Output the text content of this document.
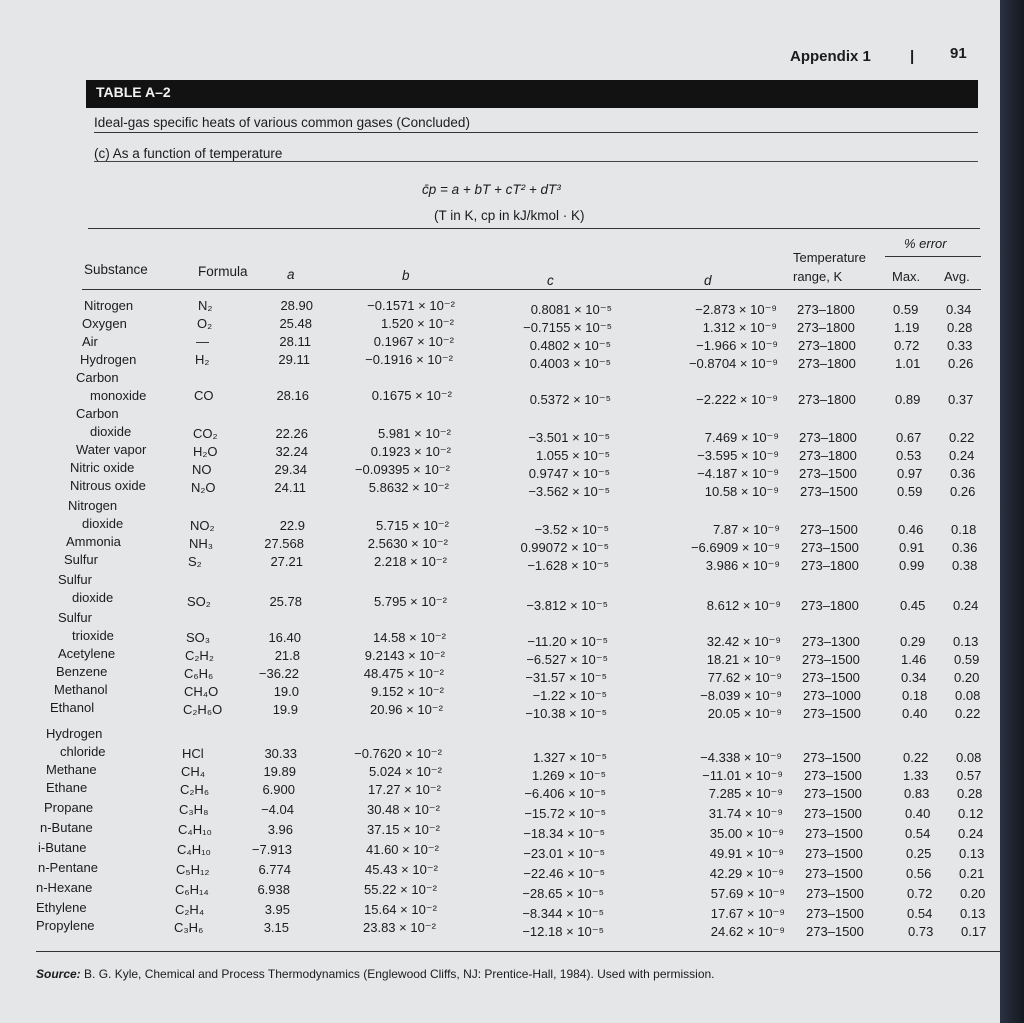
Appendix 1	| 91
TABLE A–2
Ideal-gas specific heats of various common gases (Concluded)
(c) As a function of temperature
c̄p = a + bT + cT² + dT³
(T in K, cp in kJ/kmol · K)
% error
Temperature
range, K	Max. Avg.
Substance	Formula	a	b	c	d
Nitrogen	N₂	28.90	−0.1571 × 10⁻²	0.8081 × 10⁻⁵	−2.873 × 10⁻⁹ 273–1800	0.59 0.34
Oxygen	O₂	25.48	1.520 × 10⁻²	−0.7155 × 10⁻⁵	1.312 × 10⁻⁹ 273–1800	1.19 0.28
Air	—	28.11	0.1967 × 10⁻²	0.4802 × 10⁻⁵	−1.966 × 10⁻⁹ 273–1800	0.72 0.33
Hydrogen	H₂	29.11	−0.1916 × 10⁻²	0.4003 × 10⁻⁵	−0.8704 × 10⁻⁹ 273–1800	1.01 0.26
Carbon
monoxide	CO	28.16	0.1675 × 10⁻²	0.5372 × 10⁻⁵	−2.222 × 10⁻⁹ 273–1800	0.89 0.37
Carbon
dioxide	CO₂	22.26	5.981 × 10⁻²	−3.501 × 10⁻⁵	7.469 × 10⁻⁹ 273–1800	0.67 0.22
Water vapor	H₂O	32.24	0.1923 × 10⁻²	1.055 × 10⁻⁵	−3.595 × 10⁻⁹ 273–1800	0.53 0.24
Nitric oxide	NO	29.34	−0.09395 × 10⁻²	0.9747 × 10⁻⁵	−4.187 × 10⁻⁹ 273–1500	0.97 0.36
Nitrous oxide	N₂O	24.11	5.8632 × 10⁻²	−3.562 × 10⁻⁵	10.58 × 10⁻⁹ 273–1500	0.59 0.26
Nitrogen
dioxide	NO₂	22.9	5.715 × 10⁻²	−3.52 × 10⁻⁵	7.87 × 10⁻⁹ 273–1500	0.46 0.18
Ammonia	NH₃	27.568	2.5630 × 10⁻²	0.99072 × 10⁻⁵	−6.6909 × 10⁻⁹ 273–1500	0.91 0.36
Sulfur	S₂	27.21	2.218 × 10⁻²	−1.628 × 10⁻⁵	3.986 × 10⁻⁹ 273–1800	0.99 0.38
Sulfur
dioxide	SO₂	25.78	5.795 × 10⁻²	−3.812 × 10⁻⁵	8.612 × 10⁻⁹ 273–1800	0.45 0.24
Sulfur
trioxide	SO₃	16.40	14.58 × 10⁻²	−11.20 × 10⁻⁵	32.42 × 10⁻⁹ 273–1300	0.29 0.13
Acetylene	C₂H₂	21.8	9.2143 × 10⁻²	−6.527 × 10⁻⁵	18.21 × 10⁻⁹ 273–1500	1.46 0.59
Benzene	C₆H₆	−36.22	48.475 × 10⁻²	−31.57 × 10⁻⁵	77.62 × 10⁻⁹ 273–1500	0.34 0.20
Methanol	CH₄O	19.0	9.152 × 10⁻²	−1.22 × 10⁻⁵	−8.039 × 10⁻⁹ 273–1000	0.18 0.08
Ethanol	C₂H₆O	19.9	20.96 × 10⁻²	−10.38 × 10⁻⁵	20.05 × 10⁻⁹ 273–1500	0.40 0.22
Hydrogen
chloride	HCl	30.33	−0.7620 × 10⁻²	1.327 × 10⁻⁵	−4.338 × 10⁻⁹ 273–1500	0.22 0.08
Methane	CH₄	19.89	5.024 × 10⁻²	1.269 × 10⁻⁵	−11.01 × 10⁻⁹ 273–1500	1.33 0.57
Ethane	C₂H₆	6.900	17.27 × 10⁻²	−6.406 × 10⁻⁵	7.285 × 10⁻⁹ 273–1500	0.83 0.28
Propane	C₃H₈	−4.04	30.48 × 10⁻²	−15.72 × 10⁻⁵	31.74 × 10⁻⁹ 273–1500	0.40 0.12
n-Butane	C₄H₁₀	3.96	37.15 × 10⁻²	−18.34 × 10⁻⁵	35.00 × 10⁻⁹ 273–1500	0.54 0.24
i-Butane	C₄H₁₀	−7.913	41.60 × 10⁻²	−23.01 × 10⁻⁵	49.91 × 10⁻⁹ 273–1500	0.25 0.13
n-Pentane	C₅H₁₂	6.774	45.43 × 10⁻²	−22.46 × 10⁻⁵	42.29 × 10⁻⁹ 273–1500	0.56 0.21
n-Hexane	C₆H₁₄	6.938	55.22 × 10⁻²	−28.65 × 10⁻⁵	57.69 × 10⁻⁹ 273–1500	0.72 0.20
Ethylene	C₂H₄	3.95	15.64 × 10⁻²	−8.344 × 10⁻⁵	17.67 × 10⁻⁹ 273–1500	0.54 0.13
Propylene	C₃H₆	3.15	23.83 × 10⁻²	−12.18 × 10⁻⁵	24.62 × 10⁻⁹ 273–1500	0.73 0.17
Source: B. G. Kyle, Chemical and Process Thermodynamics (Englewood Cliffs, NJ: Prentice-Hall, 1984). Used with permission.
